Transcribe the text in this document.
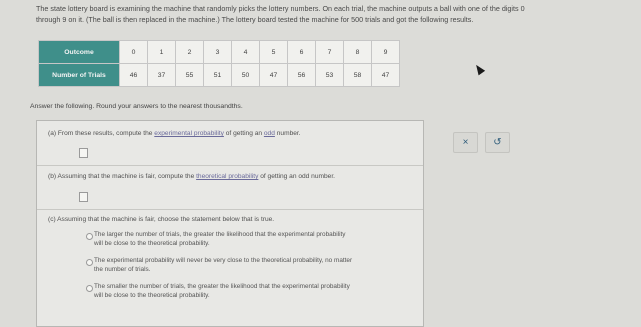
The state lottery board is examining the machine that randomly picks the lottery numbers. On each trial, the machine outputs a ball with one of the digits 0

through 9 on it. (The ball is then replaced in the machine.) The lottery board tested the machine for 500 trials and got the following results.

Outcome	0	1	2	3	4	5	6	7	8	9
Number of Trials	46	37	55	51	50	47	56	53	58	47
Answer the following. Round your answers to the nearest thousandths.
(a) From these results, compute the experimental probability of getting an odd number.
(b) Assuming that the machine is fair, compute the theoretical probability of getting an odd number.
(c) Assuming that the machine is fair, choose the statement below that is true.
The larger the number of trials, the greater the likelihood that the experimental probability
will be close to the theoretical probability.
The experimental probability will never be very close to the theoretical probability, no matter
the number of trials.
The smaller the number of trials, the greater the likelihood that the experimental probability
will be close to the theoretical probability.
× ↺
